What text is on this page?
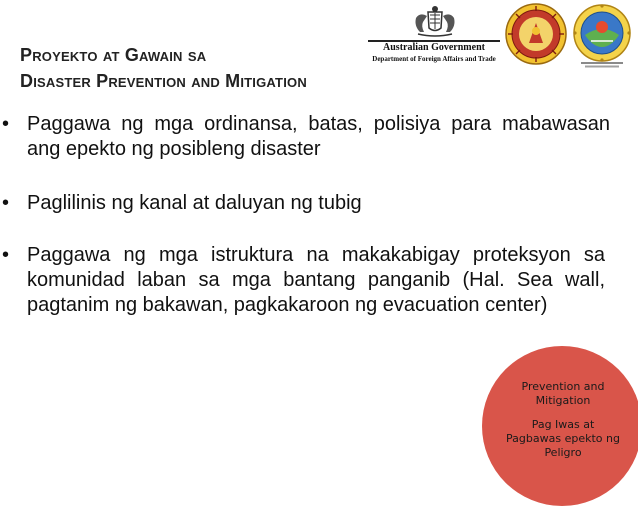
Proyekto at Gawain sa
Disaster Prevention and Mitigation
Australian Government
Department of Foreign Affairs and Trade
• Paggawa ng mga ordinansa, batas, polisiya para mabawasan ang epekto ng posibleng disaster
• Paglilinis ng kanal at daluyan ng tubig
• Paggawa ng mga istruktura na makakabigay proteksyon sa komunidad laban sa mga bantang panganib (Hal. Sea wall, pagtanim ng bakawan, pagkakaroon ng evacuation center)
Prevention and Mitigation
Pag Iwas at Pagbawas epekto ng Peligro
